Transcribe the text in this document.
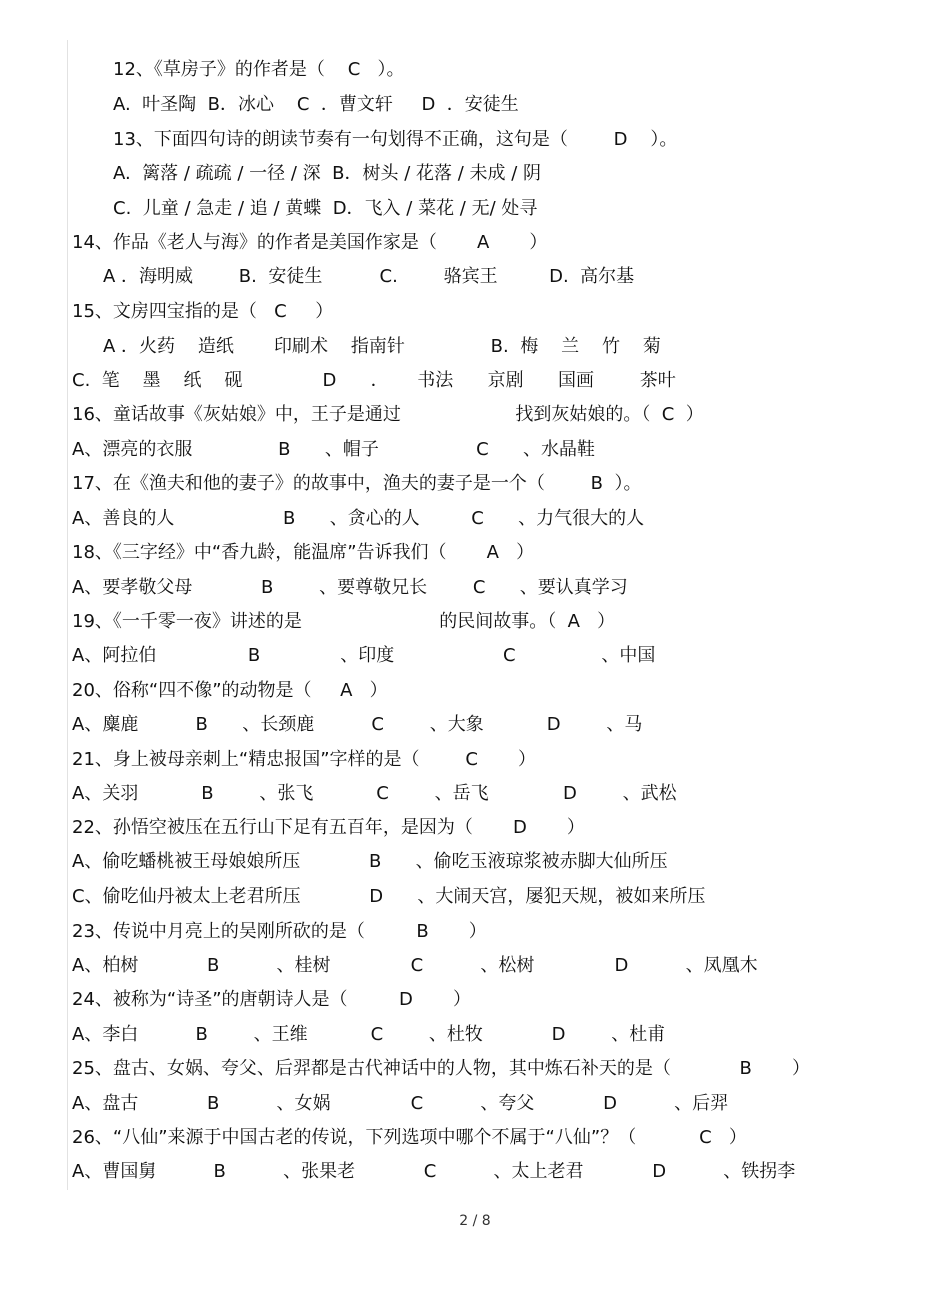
12、《草房子》的作者是（    C   ）。
A.  叶圣陶  B．冰心    C  ．曹文轩     D  ．安徒生
13、下面四句诗的朗读节奏有一句划得不正确，这句是（        D    ）。
A.  篱落 / 疏疏 / 一径 / 深  B．树头 / 花落 / 未成 / 阴
C.  儿童 / 急走 / 追 / 黄蝶  D．飞入 / 菜花 / 无/ 处寻
14、作品《老人与海》的作者是美国作家是（       A       ）
A ．海明威        B.  安徒生          C.        骆宾王         D.  高尔基
15、文房四宝指的是（   C     ）
A ．火药    造纸       印刷术    指南针               B.  梅    兰    竹    菊
C.  笔    墨    纸    砚              D      ．     书法      京剧      国画        茶叶
16、童话故事《灰姑娘》中，王子是通过                    找到灰姑娘的。（  C  ）
A、漂亮的衣服               B      、帽子                 C      、水晶鞋
17、在《渔夫和他的妻子》的故事中，渔夫的妻子是一个（        B  ）。
A、善良的人                   B      、贪心的人         C      、力气很大的人
18、《三字经》中“香九龄，能温席”告诉我们（       A   ）
A、要孝敬父母            B        、要尊敬兄长        C      、要认真学习
19、《一千零一夜》讲述的是                        的民间故事。（  A   ）
A、阿拉伯                B              、印度                   C               、中国
20、俗称“四不像”的动物是（     A   ）
A、麋鹿          B      、长颈鹿          C        、大象           D        、马
21、身上被母亲刺上“精忠报国”字样的是（        C       ）
A、关羽           B        、张飞           C        、岳飞             D        、武松
22、孙悟空被压在五行山下足有五百年，是因为（       D       ）
A、偷吃蟠桃被王母娘娘所压            B      、偷吃玉液琼浆被赤脚大仙所压
C、偷吃仙丹被太上老君所压            D      、大闹天宫，屡犯天规，被如来所压
23、传说中月亮上的吴刚所砍的是（         B       ）
A、柏树            B          、桂树              C          、松树              D          、凤凰木
24、被称为“诗圣”的唐朝诗人是（         D       ）
A、李白          B        、王维           C        、杜牧            D        、杜甫
25、盘古、女娲、夸父、后羿都是古代神话中的人物，其中炼石补天的是（            B       ）
A、盘古            B          、女娲              C          、夸父            D          、后羿
26、“八仙”来源于中国古老的传说，下列选项中哪个不属于“八仙”？（           C   ）
A、曹国舅          B          、张果老            C          、太上老君            D          、铁拐李
2 / 8
